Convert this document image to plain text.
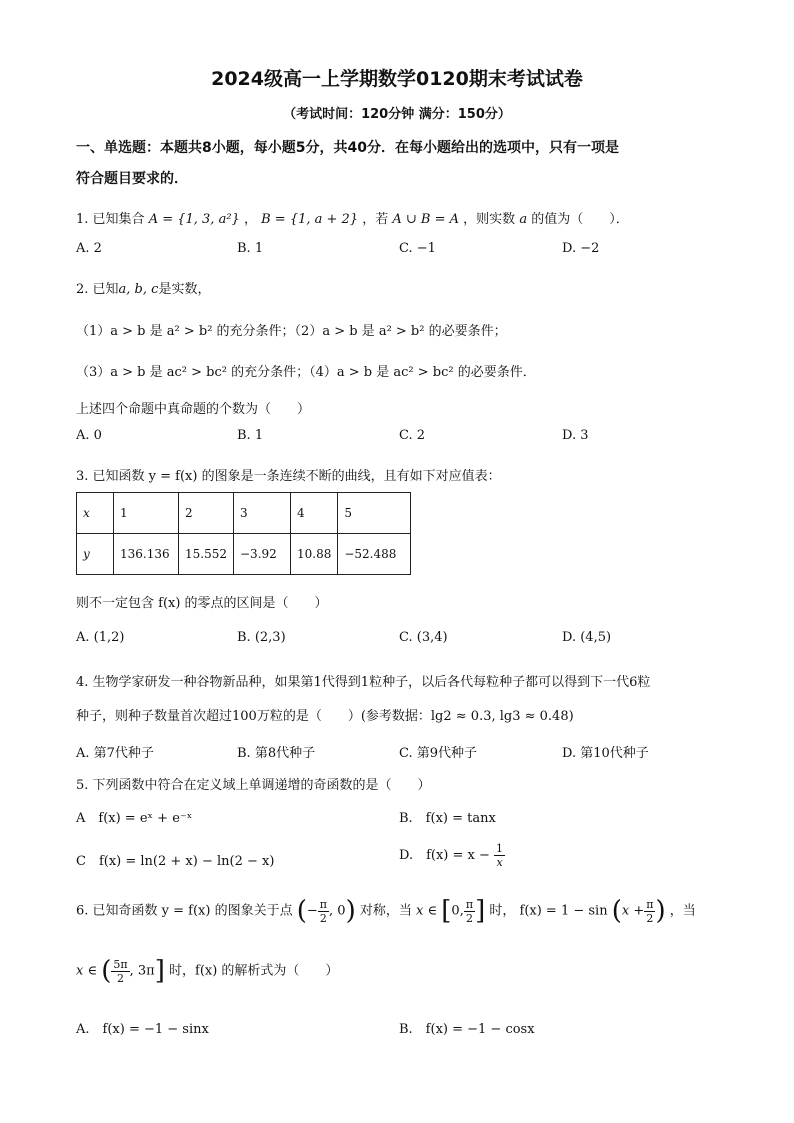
2024级高一上学期数学0120期末考试试卷
（考试时间：120分钟 满分：150分）
一、单选题：本题共8小题，每小题5分，共40分．在每小题给出的选项中，只有一项是
符合题目要求的．
1. 已知集合 A = {1, 3, a²} ， B = {1, a + 2} ，若 A ∪ B = A ，则实数 a 的值为（　　）．
A. 2	B. 1	C. −1	D. −2
2. 已知a, b, c是实数，
（1）a > b 是 a² > b² 的充分条件；（2）a > b 是 a² > b² 的必要条件；
（3）a > b 是 ac² > bc² 的充分条件；（4）a > b 是 ac² > bc² 的必要条件．
上述四个命题中真命题的个数为（　　）
A. 0	B. 1	C. 2	D. 3
3. 已知函数 y = f(x) 的图象是一条连续不断的曲线，且有如下对应值表：
x	1	2	3	4	5
y	136.136	15.552	−3.92	10.88	−52.488
则不一定包含 f(x) 的零点的区间是（　　）
A. (1,2)	B. (2,3)	C. (3,4)	D. (4,5)
4. 生物学家研发一种谷物新品种，如果第1代得到1粒种子，以后各代每粒种子都可以得到下一代6粒
种子，则种子数量首次超过100万粒的是（　　）(参考数据：lg2 ≈ 0.3, lg3 ≈ 0.48)
A. 第7代种子	B. 第8代种子	C. 第9代种子	D. 第10代种子
5. 下列函数中符合在定义域上单调递增的奇函数的是（　　）
A　f(x) = eˣ + e⁻ˣ	B.　f(x) = tanx
C　f(x) = ln(2 + x) − ln(2 − x)	D.　$f(x) = x - \frac{1}{x}$
6. 已知奇函数 y = f(x) 的图象关于点 (− $\frac{\pi}{2}$ , 0) 对称，当 x ∈ [0, $\frac{\pi}{2}$ ] 时， $f(x) = 1 - \sin (x + \frac{\pi}{2}$ ) ，当
x ∈ ( $\frac{5\pi}{2}$ , 3π] 时，f(x) 的解析式为（　　）
A.　f(x) = −1 − sinx	B.　f(x) = −1 − cosx
